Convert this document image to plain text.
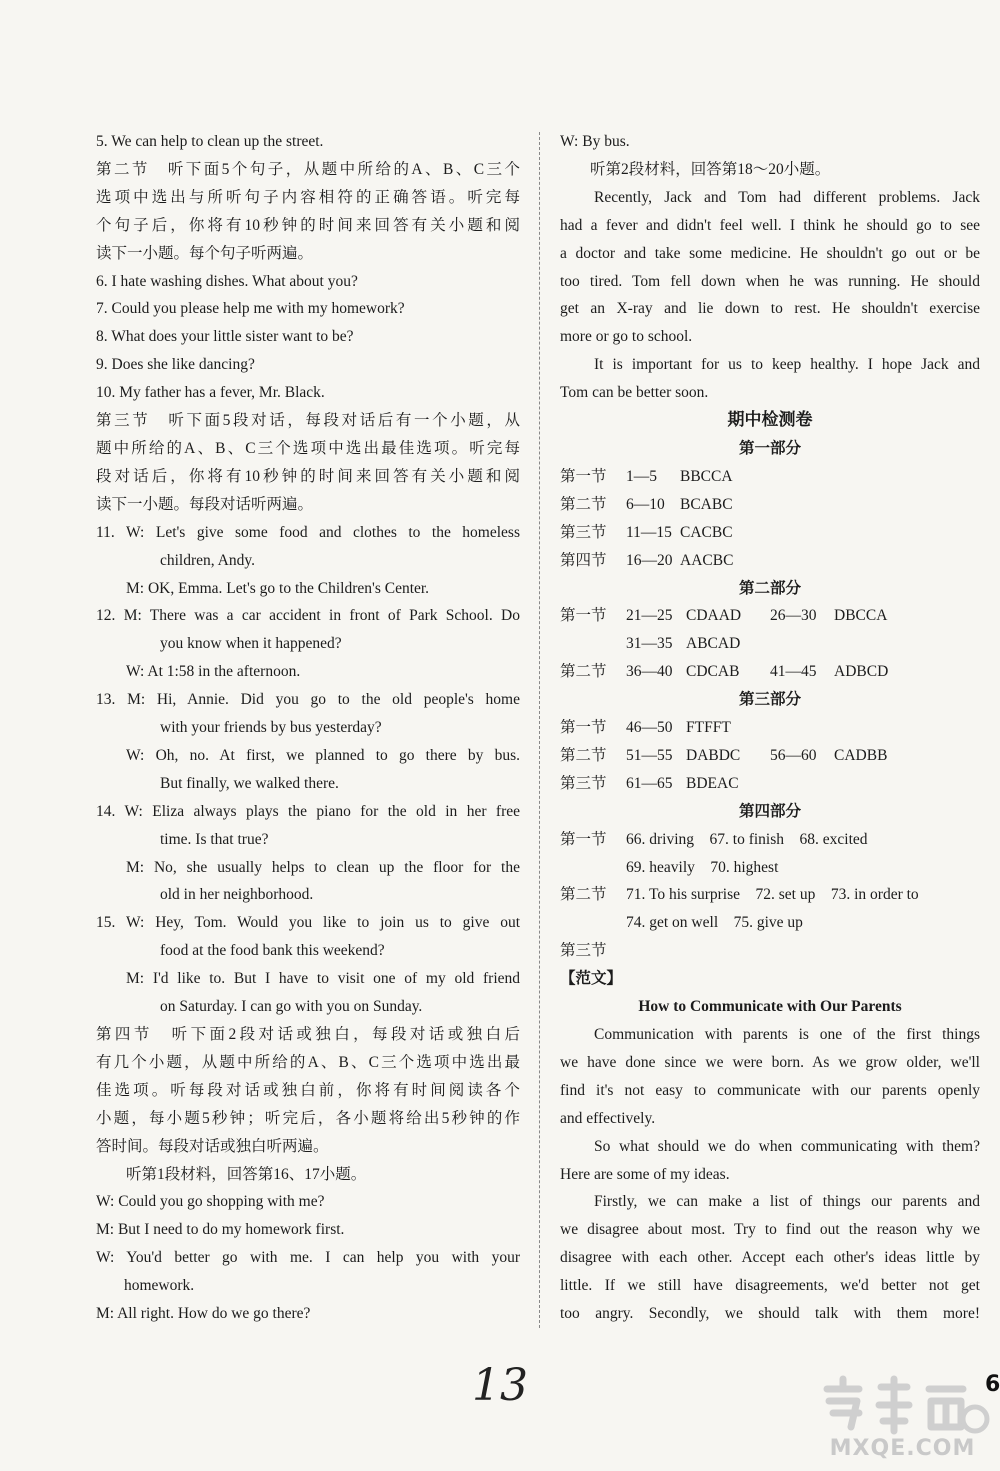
5. We can help to clean up the street.
第二节　听下面5个句子，从题中所给的A、B、C三个
选项中选出与所听句子内容相符的正确答语。听完每
个句子后，你将有10秒钟的时间来回答有关小题和阅
读下一小题。每个句子听两遍。
6. I hate washing dishes. What about you?
7. Could you please help me with my homework?
8. What does your little sister want to be?
9. Does she like dancing?
10. My father has a fever, Mr. Black.
第三节　听下面5段对话，每段对话后有一个小题，从
题中所给的A、B、C三个选项中选出最佳选项。听完每
段对话后，你将有10秒钟的时间来回答有关小题和阅
读下一小题。每段对话听两遍。
11. W: Let's give some food and clothes to the homeless
children, Andy.
M: OK, Emma. Let's go to the Children's Center.
12. M: There was a car accident in front of Park School. Do
you know when it happened?
W: At 1:58 in the afternoon.
13. M: Hi, Annie. Did you go to the old people's home
with your friends by bus yesterday?
W: Oh, no. At first, we planned to go there by bus.
But finally, we walked there.
14. W: Eliza always plays the piano for the old in her free
time. Is that true?
M: No, she usually helps to clean up the floor for the
old in her neighborhood.
15. W: Hey, Tom. Would you like to join us to give out
food at the food bank this weekend?
M: I'd like to. But I have to visit one of my old friend
on Saturday. I can go with you on Sunday.
第四节　听下面2段对话或独白，每段对话或独白后
有几个小题，从题中所给的A、B、C三个选项中选出最
佳选项。听每段对话或独白前，你将有时间阅读各个
小题，每小题5秒钟；听完后，各小题将给出5秒钟的作
答时间。每段对话或独白听两遍。
听第1段材料，回答第16、17小题。
W: Could you go shopping with me?
M: But I need to do my homework first.
W: You'd better go with me. I can help you with your
homework.
M: All right. How do we go there?
W: By bus.
听第2段材料，回答第18～20小题。
Recently, Jack and Tom had different problems. Jack
had a fever and didn't feel well. I think he should go to see
a doctor and take some medicine. He shouldn't go out or be
too tired. Tom fell down when he was running. He should
get an X-ray and lie down to rest. He shouldn't exercise
more or go to school.
It is important for us to keep healthy. I hope Jack and
Tom can be better soon.
期中检测卷
第一部分
第一节	1—5	BBCCA
第二节	6—10 BCABC
第三节	11—15 CACBC
第四节	16—20 AACBC
第二部分
第一节	21—25 CDAAD	26—30	DBCCA
31—35 ABCAD
第二节	36—40 CDCAB	41—45	ADBCD
第三部分
第一节	46—50 FTFFT
第二节	51—55 DABDC	56—60	CADBB
第三节	61—65 BDEAC
第四部分
第一节	66. driving　67. to finish　68. excited
69. heavily　70. highest
第二节	71. To his surprise　72. set up　73. in order to
74. get on well　75. give up
第三节
【范文】
How to Communicate with Our Parents
Communication with parents is one of the first things
we have done since we were born. As we grow older, we'll
find it's not easy to communicate with our parents openly
and effectively.
So what should we do when communicating with them?
Here are some of my ideas.
Firstly, we can make a list of things our parents and
we disagree about most. Try to find out the reason why we
disagree with each other. Accept each other's ideas little by
little. If we still have disagreements, we'd better not get
too angry. Secondly, we should talk with them more!
13	6
MXQE.COM
